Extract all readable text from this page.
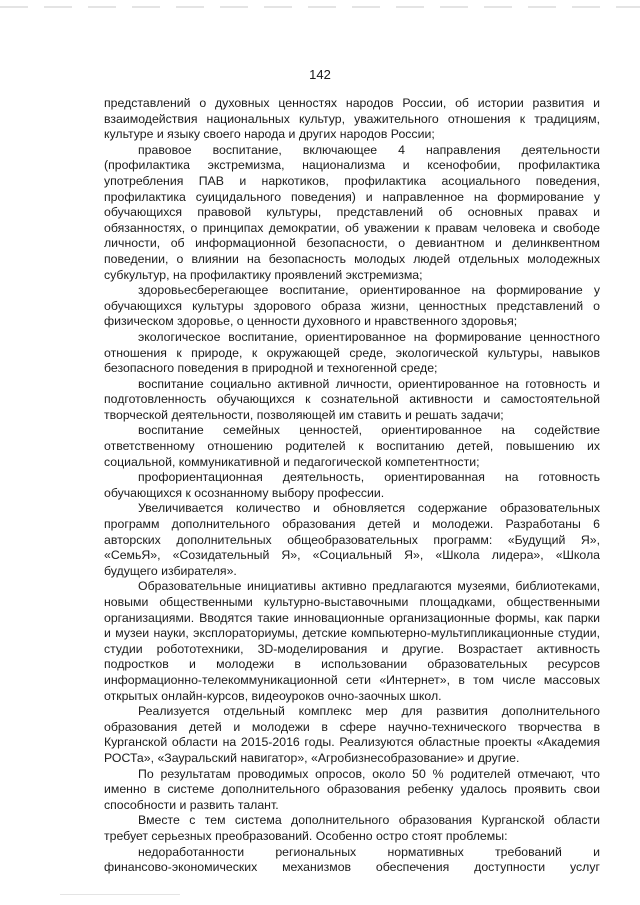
142

представлений о духовных ценностях народов России, об истории развития и

взаимодействия национальных культур, уважительного отношения к традициям,

культуре и языку своего народа и других народов России;

правовое воспитание, включающее 4 направления деятельности

(профилактика экстремизма, национализма и ксенофобии, профилактика

употребления ПАВ и наркотиков, профилактика асоциального поведения,

профилактика суицидального поведения) и направленное на формирование у

обучающихся правовой культуры, представлений об основных правах и

обязанностях, о принципах демократии, об уважении к правам человека и свободе

личности, об информационной безопасности, о девиантном и делинквентном

поведении, о влиянии на безопасность молодых людей отдельных молодежных

субкультур, на профилактику проявлений экстремизма;

здоровьесберегающее воспитание, ориентированное на формирование у

обучающихся культуры здорового образа жизни, ценностных представлений о

физическом здоровье, о ценности духовного и нравственного здоровья;

экологическое воспитание, ориентированное на формирование ценностного

отношения к природе, к окружающей среде, экологической культуры, навыков

безопасного поведения в природной и техногенной среде;

воспитание социально активной личности, ориентированное на готовность и

подготовленность обучающихся к сознательной активности и самостоятельной

творческой деятельности, позволяющей им ставить и решать задачи;

воспитание семейных ценностей, ориентированное на содействие

ответственному отношению родителей к воспитанию детей, повышению их

социальной, коммуникативной и педагогической компетентности;

профориентационная деятельность, ориентированная на готовность

обучающихся к осознанному выбору профессии.

Увеличивается количество и обновляется содержание образовательных

программ дополнительного образования детей и молодежи. Разработаны 6

авторских дополнительных общеобразовательных программ: «Будущий Я»,

«СемьЯ», «Созидательный Я», «Социальный Я», «Школа лидера», «Школа

будущего избирателя».

Образовательные инициативы активно предлагаются музеями, библиотеками,

новыми общественными культурно-выставочными площадками, общественными

организациями. Вводятся такие инновационные организационные формы, как парки

и музеи науки, эксплораториумы, детские компьютерно-мультипликационные студии,

студии робототехники, 3D-моделирования и другие. Возрастает активность

подростков и молодежи в использовании образовательных ресурсов

информационно-телекоммуникационной сети «Интернет», в том числе массовых

открытых онлайн-курсов, видеоуроков очно-заочных школ.

Реализуется отдельный комплекс мер для развития дополнительного

образования детей и молодежи в сфере научно-технического творчества в

Курганской области на 2015-2016 годы. Реализуются областные проекты «Академия

РОСТа», «Зауральский навигатор», «Агробизнесобразование» и другие.

По результатам проводимых опросов, около 50 % родителей отмечают, что

именно в системе дополнительного образования ребенку удалось проявить свои

способности и развить талант.

Вместе с тем система дополнительного образования Курганской области

требует серьезных преобразований. Особенно остро стоят проблемы:

недоработанности региональных нормативных требований и

финансово-экономических механизмов обеспечения доступности услуг
